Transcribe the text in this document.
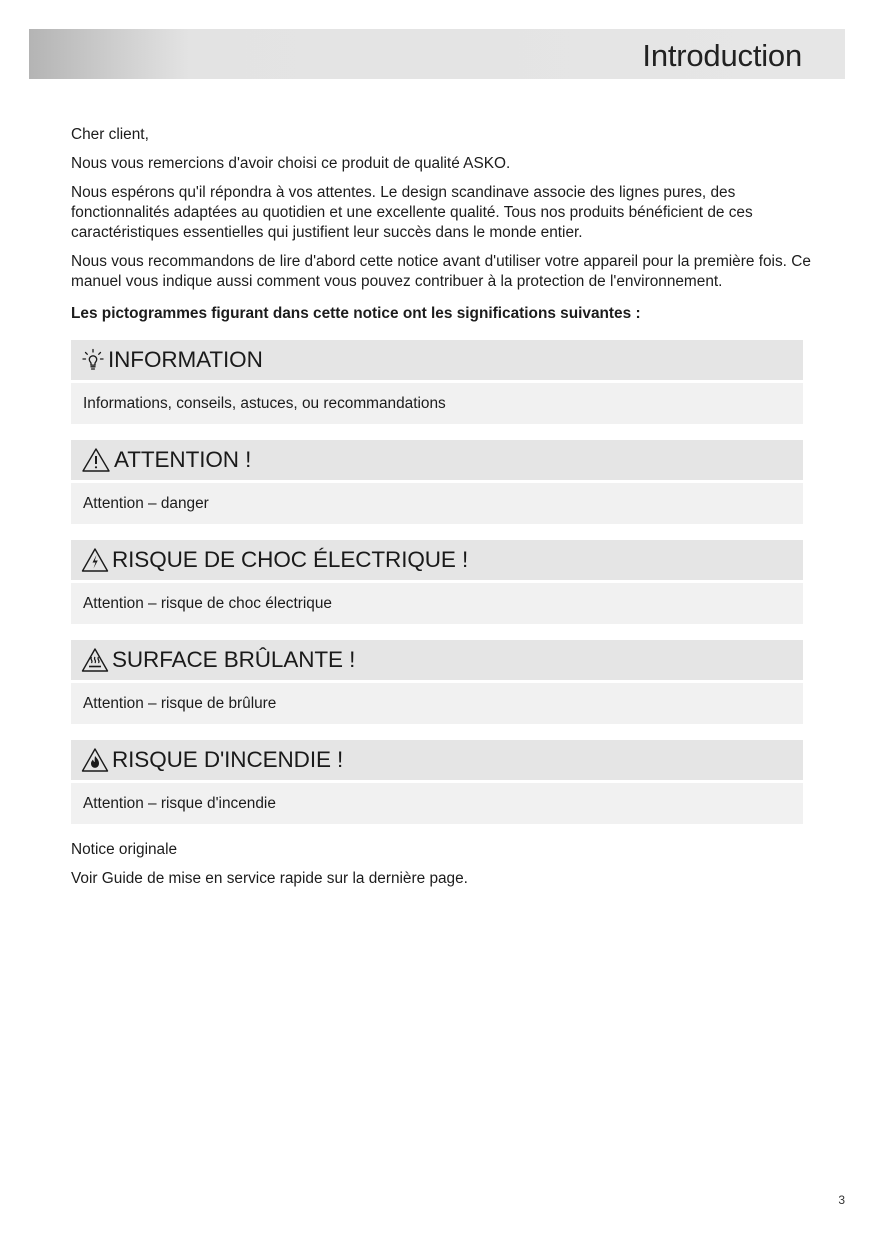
Introduction

Cher client,

Nous vous remercions d'avoir choisi ce produit de qualité ASKO.

Nous espérons qu'il répondra à vos attentes. Le design scandinave associe des lignes pures, des fonctionnalités adaptées au quotidien et une excellente qualité. Tous nos produits bénéficient de ces caractéristiques essentielles qui justifient leur succès dans le monde entier.

Nous vous recommandons de lire d'abord cette notice avant d'utiliser votre appareil pour la première fois. Ce manuel vous indique aussi comment vous pouvez contribuer à la protection de l'environnement.

Les pictogrammes figurant dans cette notice ont les significations suivantes :

INFORMATION
Informations, conseils, astuces, ou recommandations
ATTENTION !
Attention – danger
RISQUE DE CHOC ÉLECTRIQUE !
Attention – risque de choc électrique
SURFACE BRÛLANTE !
Attention – risque de brûlure
RISQUE D'INCENDIE !
Attention – risque d'incendie

Notice originale

Voir Guide de mise en service rapide sur la dernière page.

3
